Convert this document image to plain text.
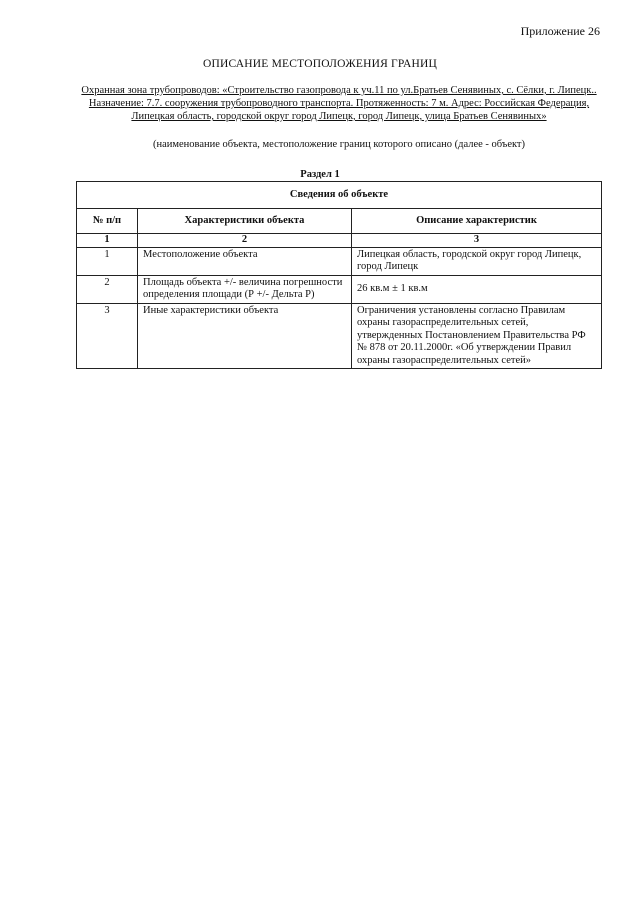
Приложение 26
ОПИСАНИЕ МЕСТОПОЛОЖЕНИЯ ГРАНИЦ
Охранная зона трубопроводов: «Строительство газопровода к уч.11 по ул.Братьев Сенявиных, с. Сёлки, г. Липецк.. Назначение: 7.7. сооружения трубопроводного транспорта. Протяженность: 7 м. Адрес: Российская Федерация, Липецкая область, городской округ город Липецк, город Липецк, улица Братьев Сенявиных»
(наименование объекта, местоположение границ которого описано (далее - объект)
Раздел 1
Сведения об объекте		
№ п/п	Характеристики объекта	Описание характеристик
1	2	3
1	Местоположение объекта	Липецкая область, городской округ город Липецк, город Липецк
2	Площадь объекта +/- величина погрешности определения площади (Р +/- Дельта Р)	26 кв.м ± 1 кв.м
3	Иные характеристики объекта	Ограничения установлены согласно Правилам охраны газораспределительных сетей, утвержденных Постановлением Правительства РФ № 878 от 20.11.2000г. «Об утверждении Правил охраны газораспределительных сетей»
